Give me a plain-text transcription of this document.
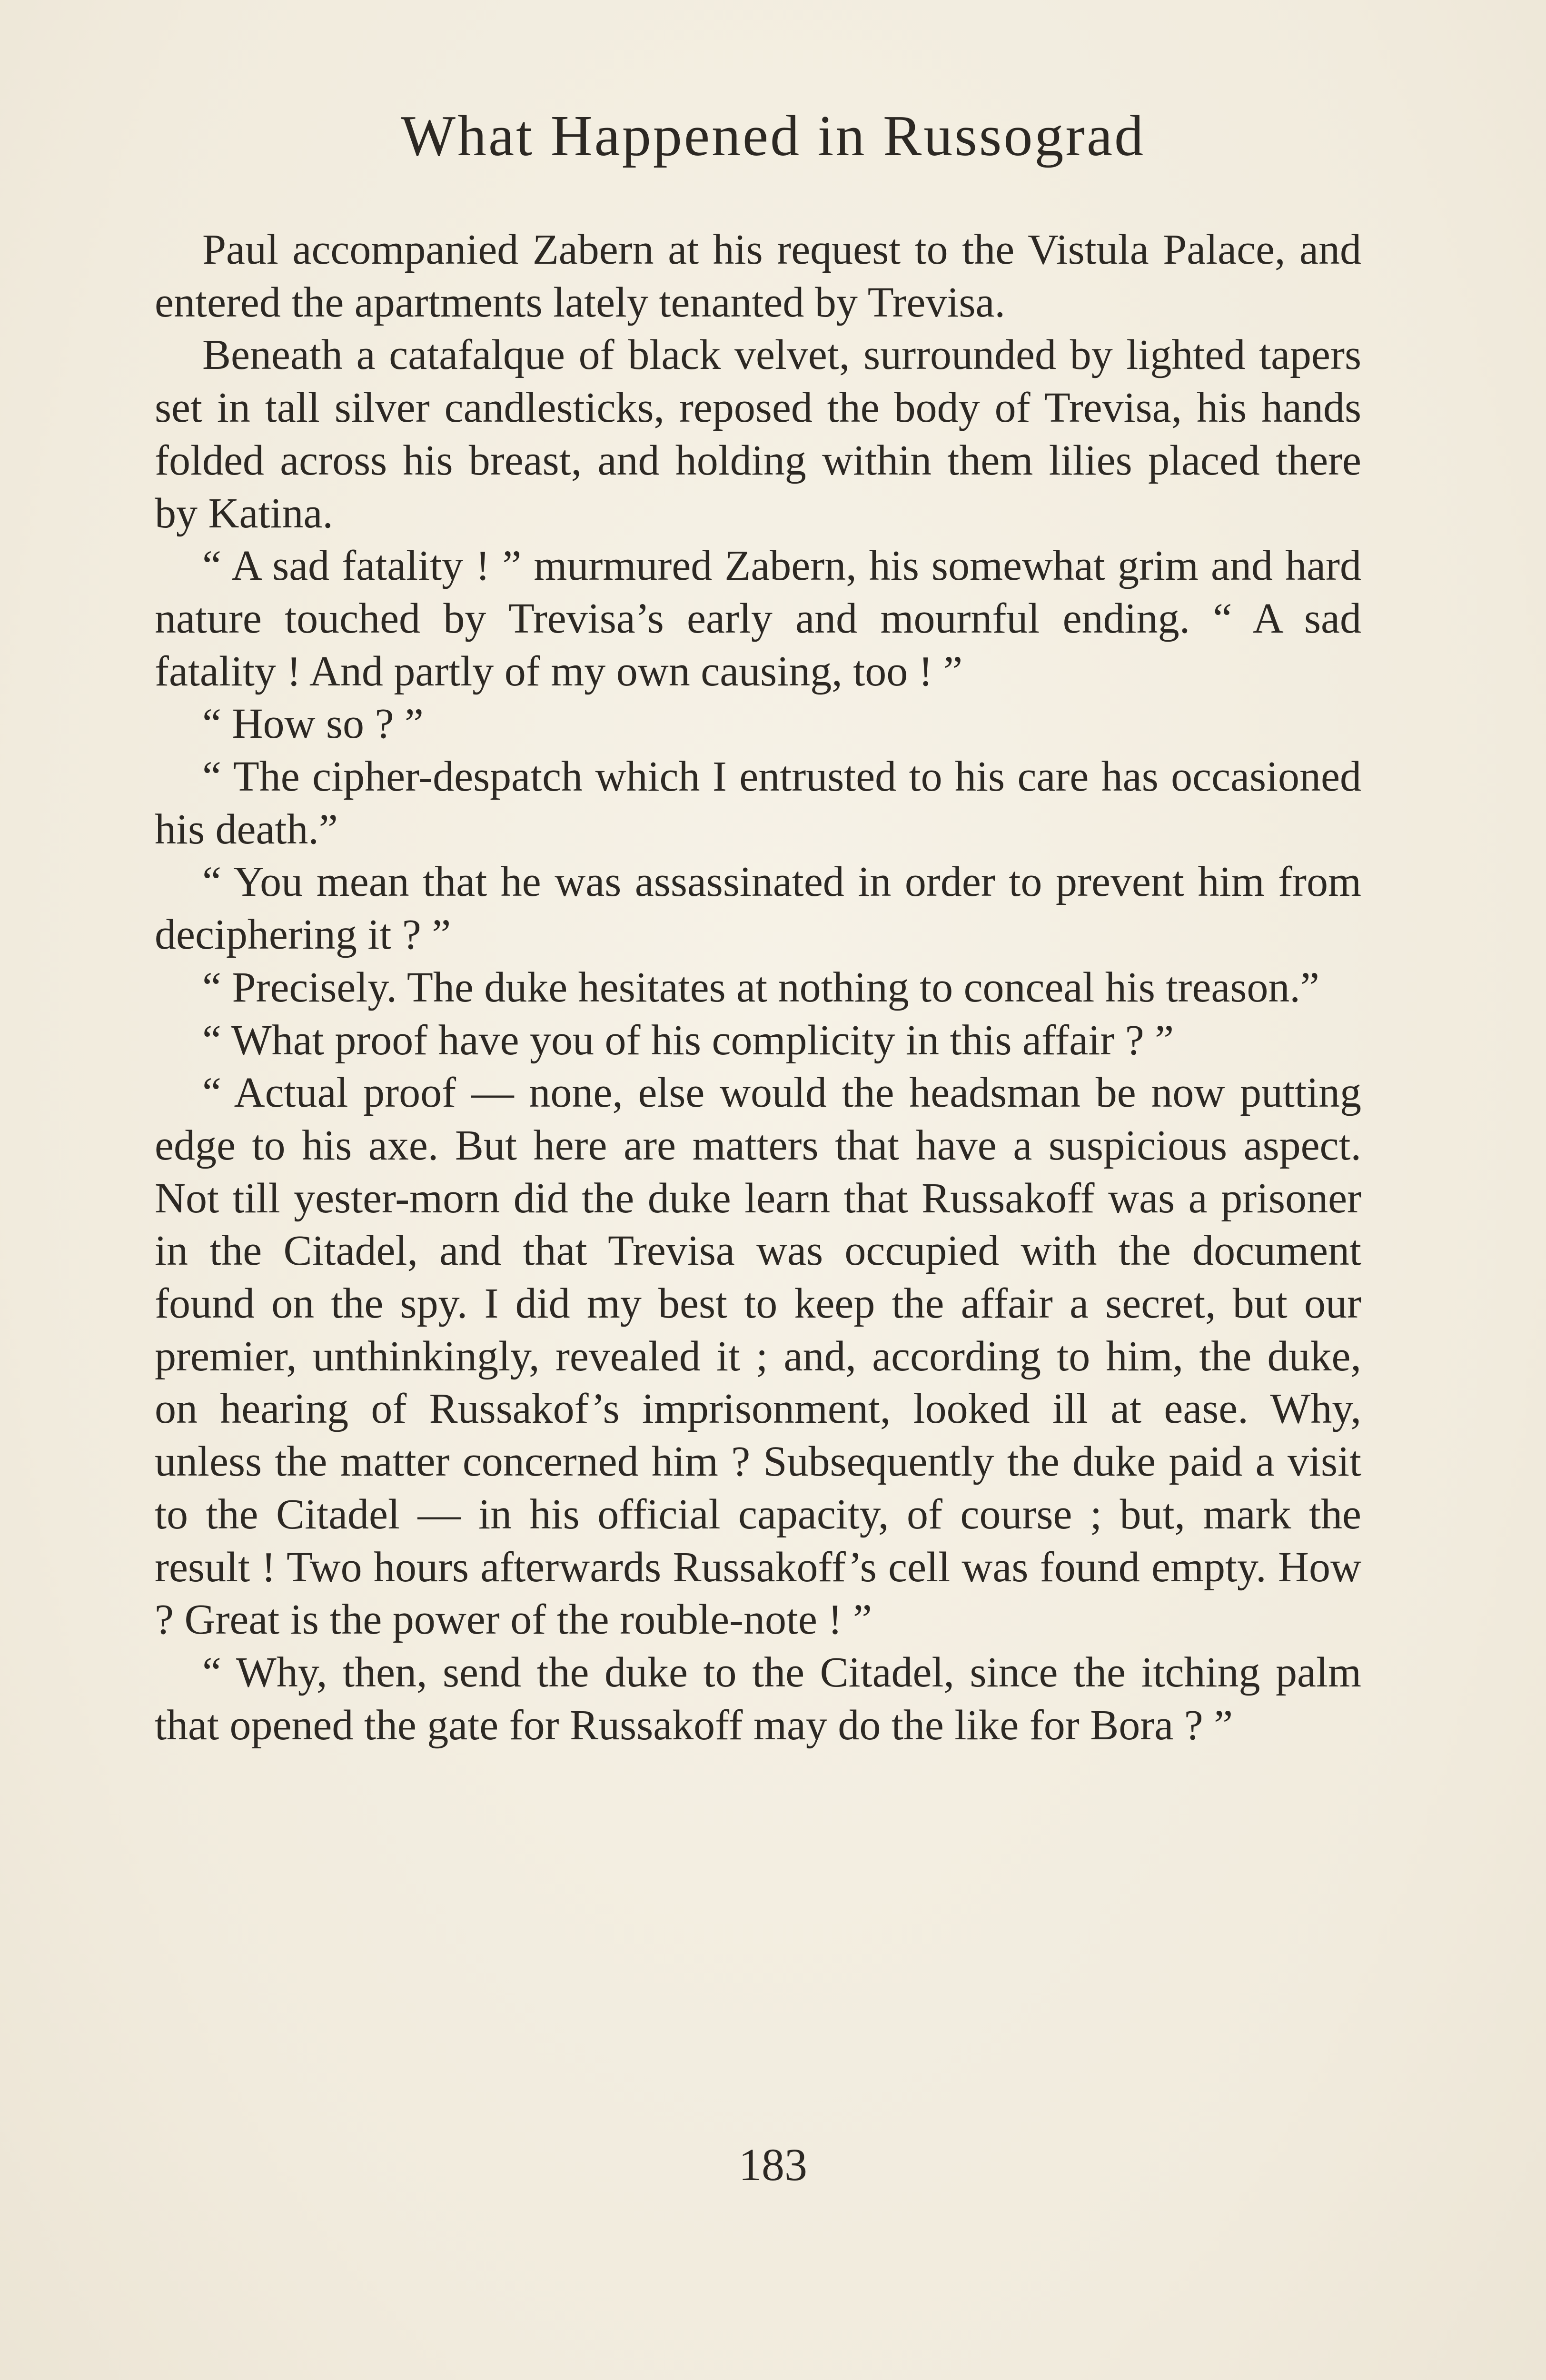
What Happened in Russograd

Paul accompanied Zabern at his request to the Vistula Palace, and entered the apartments lately tenanted by Trevisa.

Beneath a catafalque of black velvet, surrounded by lighted tapers set in tall silver candlesticks, reposed the body of Trevisa, his hands folded across his breast, and holding within them lilies placed there by Katina.

“ A sad fatality ! ” murmured Zabern, his somewhat grim and hard nature touched by Trevisa’s early and mournful ending. “ A sad fatality ! And partly of my own causing, too ! ”

“ How so ? ”

“ The cipher-despatch which I entrusted to his care has occasioned his death.”

“ You mean that he was assassinated in order to prevent him from deciphering it ? ”

“ Precisely. The duke hesitates at nothing to conceal his treason.”

“ What proof have you of his complicity in this affair ? ”

“ Actual proof — none, else would the headsman be now putting edge to his axe. But here are matters that have a suspicious aspect. Not till yester-morn did the duke learn that Russakoff was a prisoner in the Citadel, and that Trevisa was occupied with the document found on the spy. I did my best to keep the affair a secret, but our premier, unthinkingly, revealed it ; and, according to him, the duke, on hearing of Russakof’s imprisonment, looked ill at ease. Why, unless the matter concerned him ? Subsequently the duke paid a visit to the Citadel — in his official capacity, of course ; but, mark the result ! Two hours afterwards Russakoff’s cell was found empty. How ? Great is the power of the rouble-note ! ”

“ Why, then, send the duke to the Citadel, since the itching palm that opened the gate for Russakoff may do the like for Bora ? ”

183
